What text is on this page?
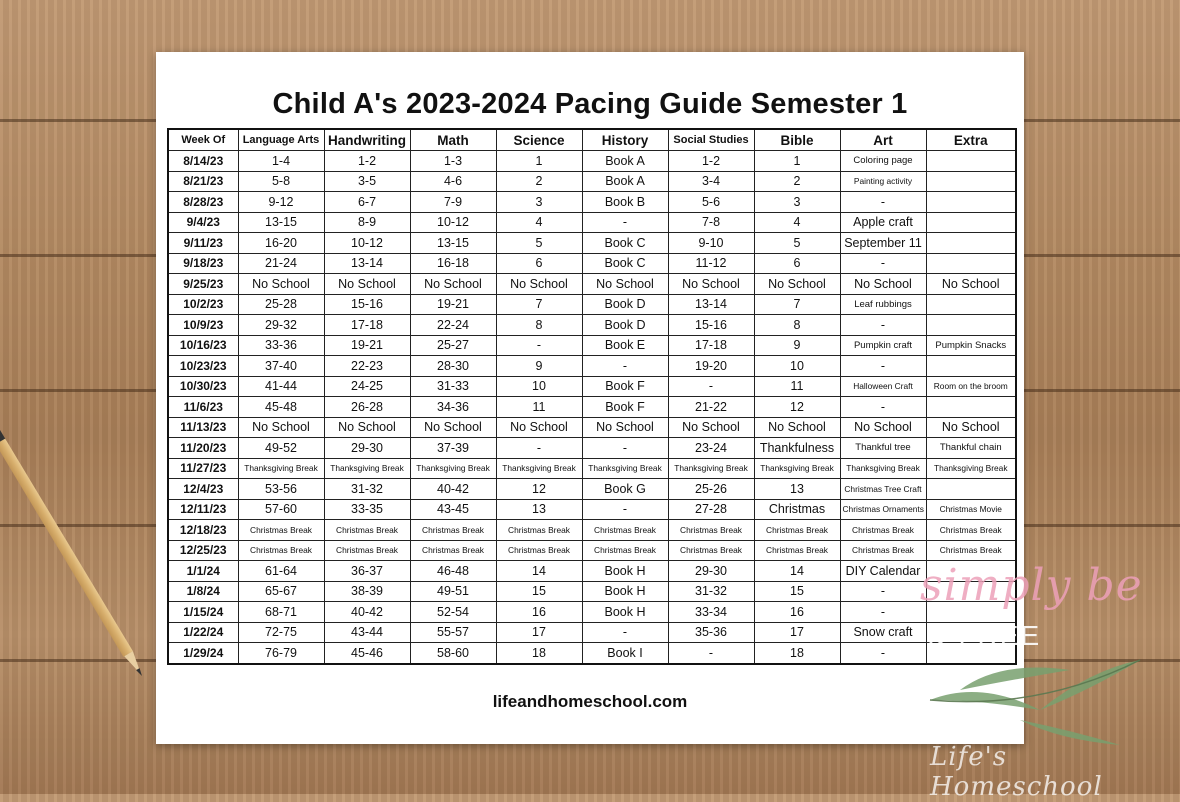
Child A's 2023-2024 Pacing Guide Semester 1
Week Of	Language Arts	Handwriting	Math	Science	History	Social Studies	Bible	Art	Extra
8/14/23	1-4	1-2	1-3	1	Book A	1-2	1	Coloring page	
8/21/23	5-8	3-5	4-6	2	Book A	3-4	2	Painting activity	
8/28/23	9-12	6-7	7-9	3	Book B	5-6	3	-	
9/4/23	13-15	8-9	10-12	4	-	7-8	4	Apple craft	
9/11/23	16-20	10-12	13-15	5	Book C	9-10	5	September 11	
9/18/23	21-24	13-14	16-18	6	Book C	11-12	6	-	
9/25/23	No School	No School	No School	No School	No School	No School	No School	No School	No School
10/2/23	25-28	15-16	19-21	7	Book D	13-14	7	Leaf rubbings	
10/9/23	29-32	17-18	22-24	8	Book D	15-16	8	-	
10/16/23	33-36	19-21	25-27	-	Book E	17-18	9	Pumpkin craft	Pumpkin Snacks
10/23/23	37-40	22-23	28-30	9	-	19-20	10	-	
10/30/23	41-44	24-25	31-33	10	Book F	-	11	Halloween Craft	Room on the broom
11/6/23	45-48	26-28	34-36	11	Book F	21-22	12	-	
11/13/23	No School	No School	No School	No School	No School	No School	No School	No School	No School
11/20/23	49-52	29-30	37-39	-	-	23-24	Thankfulness	Thankful tree	Thankful chain
11/27/23	Thanksgiving Break	Thanksgiving Break	Thanksgiving Break	Thanksgiving Break	Thanksgiving Break	Thanksgiving Break	Thanksgiving Break	Thanksgiving Break	Thanksgiving Break
12/4/23	53-56	31-32	40-42	12	Book G	25-26	13	Christmas Tree Craft	
12/11/23	57-60	33-35	43-45	13	-	27-28	Christmas	Christmas Ornaments	Christmas Movie
12/18/23	Christmas Break	Christmas Break	Christmas Break	Christmas Break	Christmas Break	Christmas Break	Christmas Break	Christmas Break	Christmas Break
12/25/23	Christmas Break	Christmas Break	Christmas Break	Christmas Break	Christmas Break	Christmas Break	Christmas Break	Christmas Break	Christmas Break
1/1/24	61-64	36-37	46-48	14	Book H	29-30	14	DIY Calendar	
1/8/24	65-67	38-39	49-51	15	Book H	31-32	15	-	
1/15/24	68-71	40-42	52-54	16	Book H	33-34	16	-	
1/22/24	72-75	43-44	55-57	17	-	35-36	17	Snow craft	
1/29/24	76-79	45-46	58-60	18	Book I	-	18	-	
lifeandhomeschool.com
simply be
& FREE
Life's Homeschool
